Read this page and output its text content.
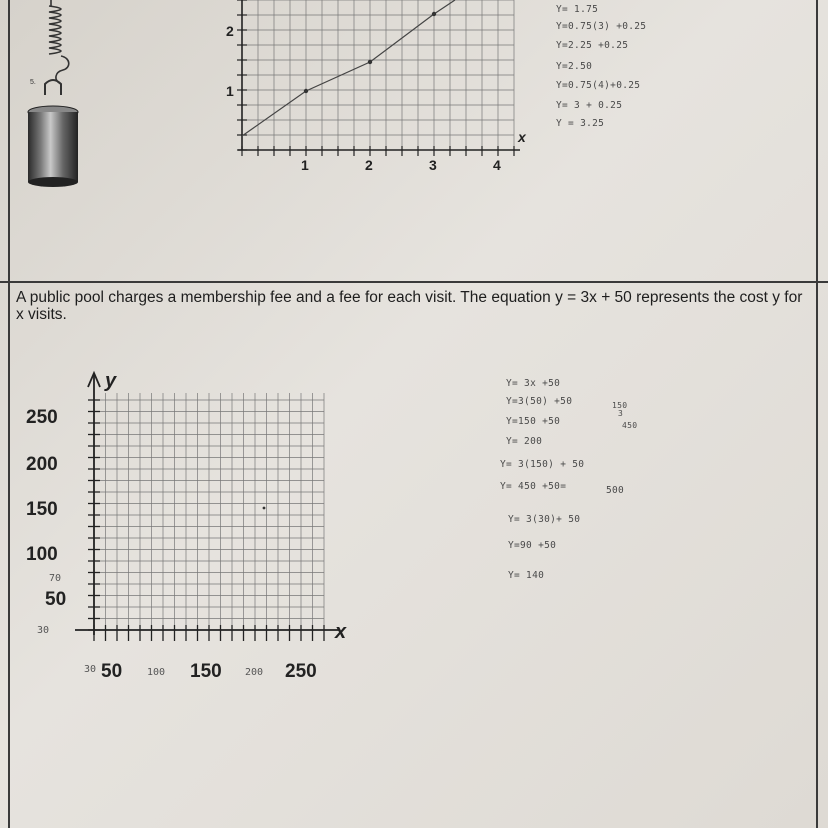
5.
2
1
1	2	3	4
x
Y= 1.75
Y=0.75(3) +0.25
Y=2.25 +0.25
Y=2.50
Y=0.75(4)+0.25
Y= 3 + 0.25
Y = 3.25
A public pool charges a membership fee and a fee for each visit. The equation y = 3x + 50 represents the cost y for x visits.
y
x
250
200
150
100
50
70
30
50	150	250
30	100	200
Y= 3x +50
Y=3(50) +50
Y=150 +50
Y= 200
Y= 3(150) + 50
Y= 450 +50=	500
Y= 3(30)+ 50
Y=90 +50
Y= 140
150
3
450
